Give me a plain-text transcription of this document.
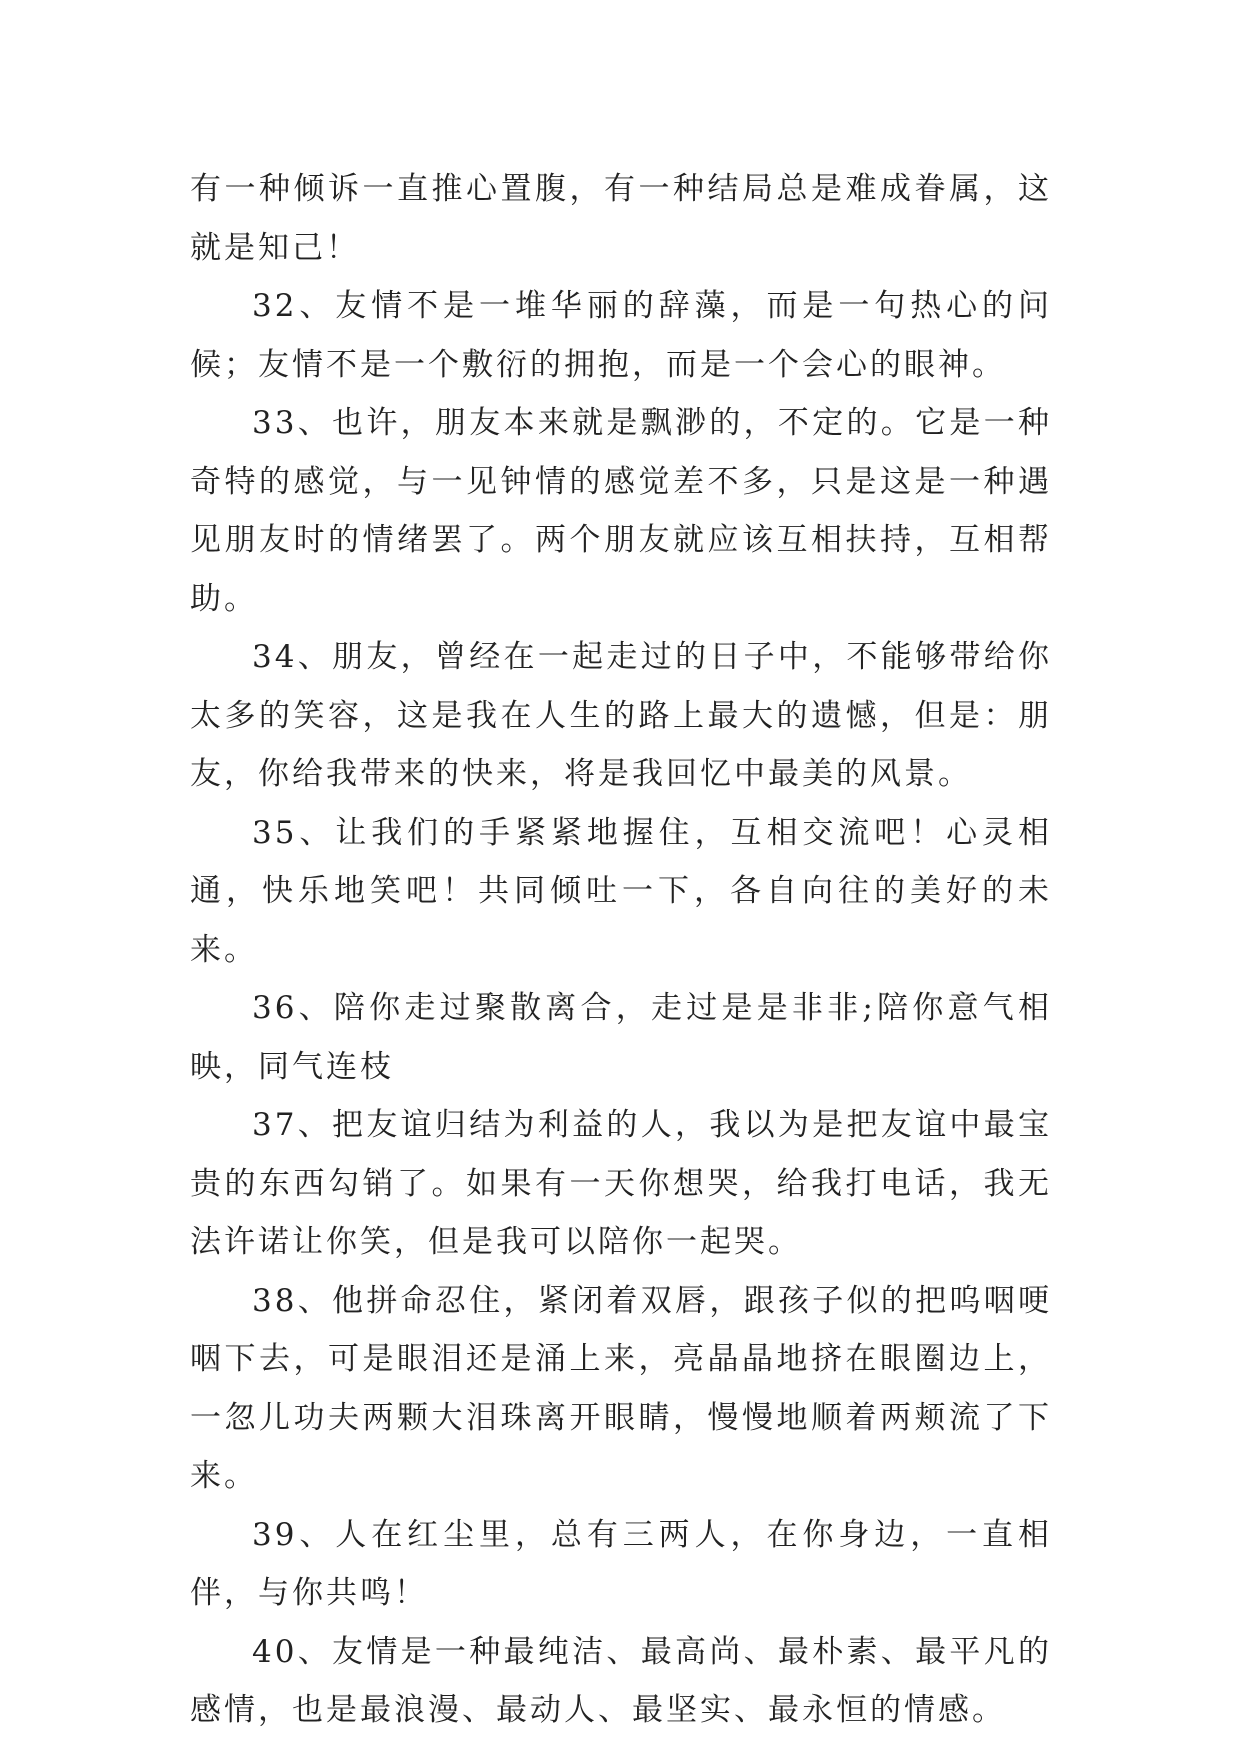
有一种倾诉一直推心置腹，有一种结局总是难成眷属，这就是知己！

32、友情不是一堆华丽的辞藻，而是一句热心的问候；友情不是一个敷衍的拥抱，而是一个会心的眼神。

33、也许，朋友本来就是飘渺的，不定的。它是一种奇特的感觉，与一见钟情的感觉差不多，只是这是一种遇见朋友时的情绪罢了。两个朋友就应该互相扶持，互相帮助。

34、朋友，曾经在一起走过的日子中，不能够带给你太多的笑容，这是我在人生的路上最大的遗憾，但是：朋友，你给我带来的快来，将是我回忆中最美的风景。

35、让我们的手紧紧地握住，互相交流吧！心灵相通，快乐地笑吧！共同倾吐一下，各自向往的美好的未来。

36、陪你走过聚散离合，走过是是非非;陪你意气相映，同气连枝

37、把友谊归结为利益的人，我以为是把友谊中最宝贵的东西勾销了。如果有一天你想哭，给我打电话，我无法许诺让你笑，但是我可以陪你一起哭。

38、他拼命忍住，紧闭着双唇，跟孩子似的把呜咽哽咽下去，可是眼泪还是涌上来，亮晶晶地挤在眼圈边上，一忽儿功夫两颗大泪珠离开眼睛，慢慢地顺着两颊流了下来。

39、人在红尘里，总有三两人，在你身边，一直相伴，与你共鸣！

40、友情是一种最纯洁、最高尚、最朴素、最平凡的感情，也是最浪漫、最动人、最坚实、最永恒的情感。
